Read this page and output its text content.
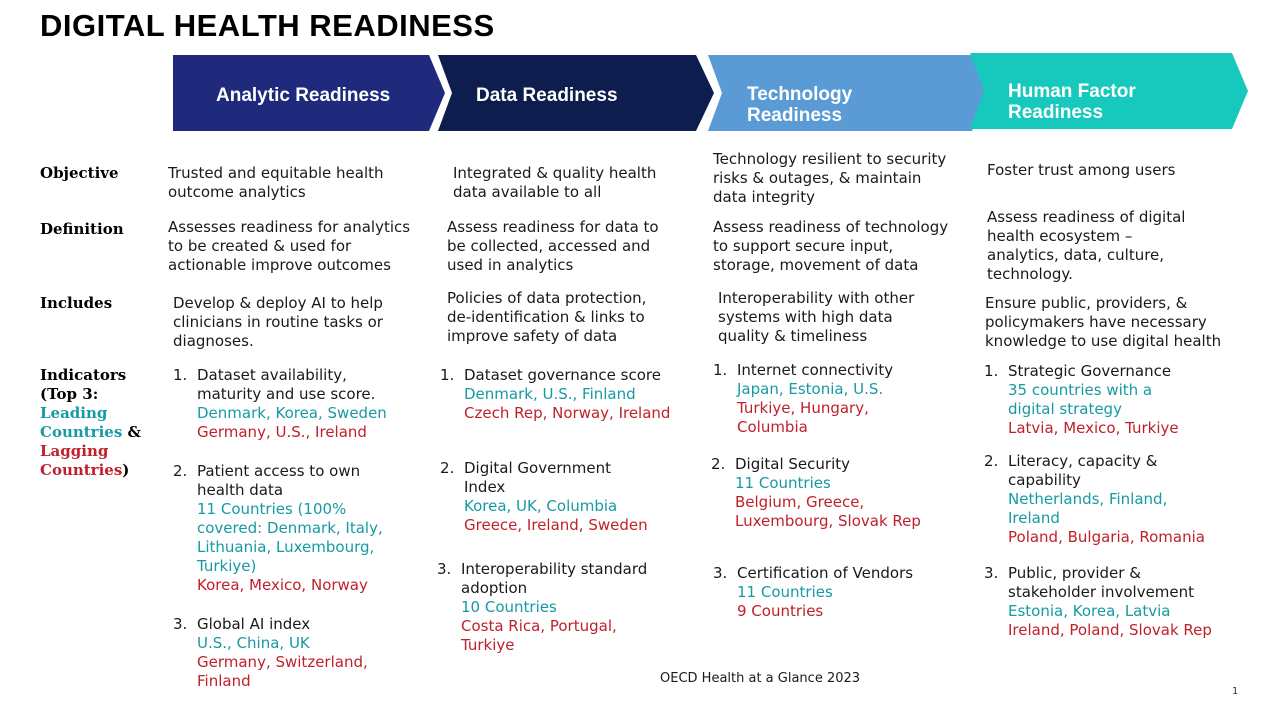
DIGITAL HEALTH READINESS
Analytic Readiness	Data Readiness	Technology
Readiness
Human Factor
Readiness
Objective
Definition
Includes
Indicators
(Top 3:
Leading
Countries &
Lagging
Countries)
Trusted and equitable health
outcome analytics
Assesses readiness for analytics
to be created & used for
actionable improve outcomes
Develop & deploy AI to help
clinicians in routine tasks or
diagnoses.
1. Dataset availability,
maturity and use score.
Denmark, Korea, Sweden
Germany, U.S., Ireland
2. Patient access to own
health data
11 Countries (100%
covered: Denmark, Italy,
Lithuania, Luxembourg,
Turkiye)
Korea, Mexico, Norway
3. Global AI index
U.S., China, UK
Germany, Switzerland,
Finland
Integrated & quality health
data available to all
Assess readiness for data to
be collected, accessed and
used in analytics
Policies of data protection,
de-identification & links to
improve safety of data
1. Dataset governance score
Denmark, U.S., Finland
Czech Rep, Norway, Ireland
2. Digital Government
Index
Korea, UK, Columbia
Greece, Ireland, Sweden
3. Interoperability standard
adoption
10 Countries
Costa Rica, Portugal,
Turkiye
Technology resilient to security
risks & outages, & maintain
data integrity
Assess readiness of technology
to support secure input,
storage, movement of data
Interoperability with other
systems with high data
quality & timeliness
1. Internet connectivity
Japan, Estonia, U.S.
Turkiye, Hungary,
Columbia
2. Digital Security
11 Countries
Belgium, Greece,
Luxembourg, Slovak Rep
3. Certification of Vendors
11 Countries
9 Countries
Foster trust among users
Assess readiness of digital
health ecosystem –
analytics, data, culture,
technology.
Ensure public, providers, &
policymakers have necessary
knowledge to use digital health
1. Strategic Governance
35 countries with a
digital strategy
Latvia, Mexico, Turkiye
2. Literacy, capacity &
capability
Netherlands, Finland,
Ireland
Poland, Bulgaria, Romania
3. Public, provider &
stakeholder involvement
Estonia, Korea, Latvia
Ireland, Poland, Slovak Rep
OECD Health at a Glance 2023
1
